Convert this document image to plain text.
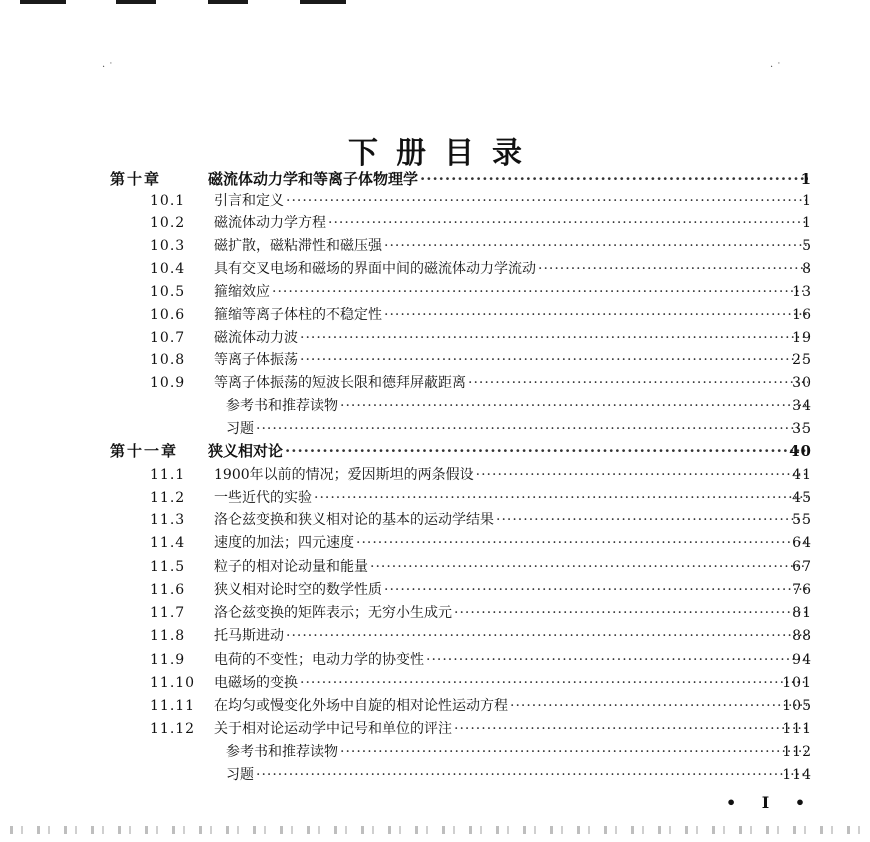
· ˙	· ˙
下册目录
第十章	磁流体动力学和等离子体物理学 ·····	1
10.1	引言和定义 ·····	1
10.2	磁流体动力学方程 ·····	1
10.3	磁扩散，磁粘滞性和磁压强 ·····	5
10.4	具有交叉电场和磁场的界面中间的磁流体动力学流动 ·····	8
10.5	箍缩效应 ·····	13
10.6	箍缩等离子体柱的不稳定性 ·····	16
10.7	磁流体动力波 ·····	19
10.8	等离子体振荡 ·····	25
10.9	等离子体振荡的短波长限和德拜屏蔽距离 ·····	30
参考书和推荐读物 ·····	34
习题 ·····	35
第十一章	狭义相对论 ·····	40
11.1	1900年以前的情况；爱因斯坦的两条假设 ·····	41
11.2	一些近代的实验 ·····	45
11.3	洛仑兹变换和狭义相对论的基本的运动学结果 ·····	55
11.4	速度的加法；四元速度 ·····	64
11.5	粒子的相对论动量和能量 ·····	67
11.6	狭义相对论时空的数学性质 ·····	76
11.7	洛仑兹变换的矩阵表示；无穷小生成元 ·····	81
11.8	托马斯进动 ·····	88
11.9	电荷的不变性；电动力学的协变性 ·····	94
11.10	电磁场的变换 ·····	101
11.11	在均匀或慢变化外场中自旋的相对论性运动方程 ·····	105
11.12	关于相对论运动学中记号和单位的评注 ·····	111
参考书和推荐读物 ·····	112
习题 ·····	114
• I •
